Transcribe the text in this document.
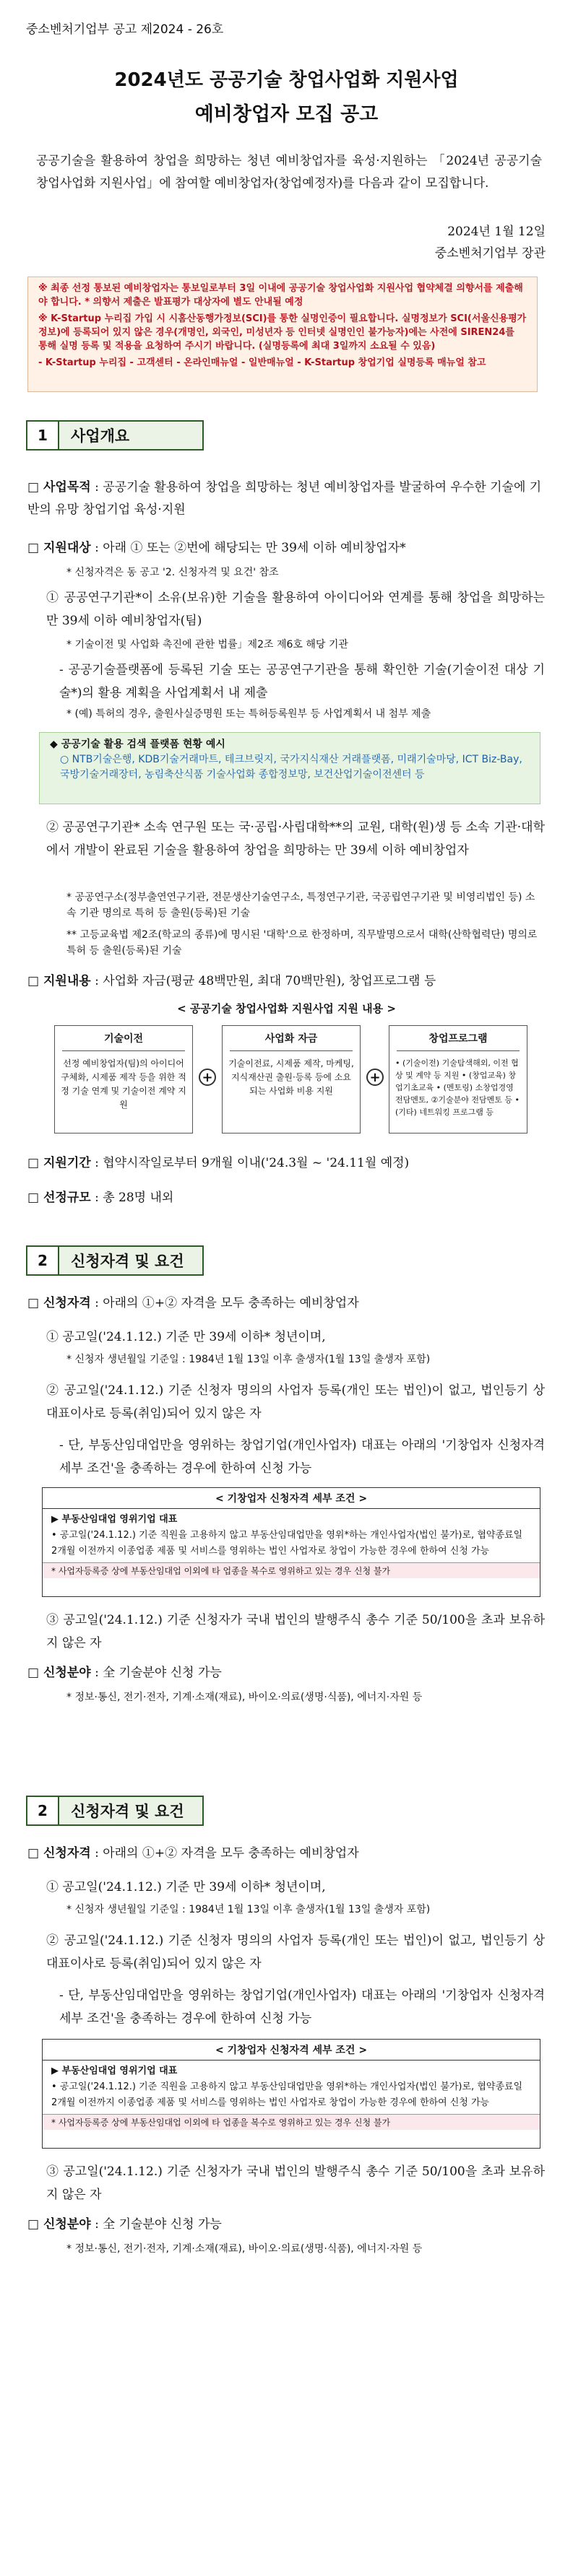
중소벤처기업부 공고 제2024 - 26호
2024년도 공공기술 창업사업화 지원사업
예비창업자 모집 공고
공공기술을 활용하여 창업을 희망하는 청년 예비창업자를 육성·지원하는 「2024년 공공기술 창업사업화 지원사업」에 참여할 예비창업자(창업예정자)를 다음과 같이 모집합니다.
2024년 1월 12일
중소벤처기업부 장관

※ 최종 선정 통보된 예비창업자는 통보일로부터 3일 이내에 공공기술 창업사업화 지원사업 협약체결 의향서를 제출해야 합니다. * 의향서 제출은 발표평가 대상자에 별도 안내될 예정

※ K-Startup 누리집 가입 시 시홈산동행가정보(SCI)를 통한 실명인증이 필요합니다. 실명정보가 SCI(서울신용평가정보)에 등록되어 있지 않은 경우(개명인, 외국인, 미성년자 등 인터넷 실명인인 불가능자)에는 사전에 SIREN24를 통해 실명 등록 및 적용을 요청하여 주시기 바랍니다. (실명등록에 최대 3일까지 소요될 수 있음)

- K-Startup 누리집 - 고객센터 - 온라인매뉴얼 - 일반매뉴얼 - K-Startup 창업기업 실명등록 매뉴얼 참고

1	사업개요
□ 사업목적 : 공공기술 활용하여 창업을 희망하는 청년 예비창업자를 발굴하여 우수한 기술에 기반의 유망 창업기업 육성·지원
□ 지원대상 : 아래 ① 또는 ②번에 해당되는 만 39세 이하 예비창업자*
* 신청자격은 동 공고 '2. 신청자격 및 요건' 참조
① 공공연구기관*이 소유(보유)한 기술을 활용하여 아이디어와 연계를 통해 창업을 희망하는 만 39세 이하 예비창업자(팀)
* 기술이전 및 사업화 촉진에 관한 법률」제2조 제6호 해당 기관
- 공공기술플랫폼에 등록된 기술 또는 공공연구기관을 통해 확인한 기술(기술이전 대상 기술*)의 활용 계획을 사업계획서 내 제출
* (예) 특허의 경우, 출원사실증명원 또는 특허등록원부 등 사업계획서 내 첨부 제출
◆ 공공기술 활용 검색 플랫폼 현황 예시
○ NTB기술은행, KDB기술거래마트, 테크브릿지, 국가지식재산 거래플랫폼, 미래기술마당, ICT Biz-Bay, 국방기술거래장터, 농림축산식품 기술사업화 종합정보망, 보건산업기술이전센터 등
② 공공연구기관* 소속 연구원 또는 국·공립·사립대학**의 교원, 대학(원)생 등 소속 기관·대학에서 개발이 완료된 기술을 활용하여 창업을 희망하는 만 39세 이하 예비창업자
* 공공연구소(정부출연연구기관, 전문생산기술연구소, 특정연구기관, 국공립연구기관 및 비영리법인 등) 소속 기관 명의로 특허 등 출원(등록)된 기술
** 고등교육법 제2조(학교의 종류)에 명시된 '대학'으로 한정하며, 직무발명으로서 대학(산학협력단) 명의로 특허 등 출원(등록)된 기술
□ 지원내용 : 사업화 자금(평균 48백만원, 최대 70백만원), 창업프로그램 등
< 공공기술 창업사업화 지원사업 지원 내용 >
기술이전
선정 예비창업자(팀)의 아이디어 구체화, 시제품 제작 등을 위한 적정 기술 연계 및 기술이전 계약 지원
+
사업화 자금
기술이전료, 시제품 제작, 마케팅, 지식재산권 출원·등록 등에 소요되는 사업화 비용 지원
+
창업프로그램
• (기술이전) 기술탐색해외, 이전 협상 및 계약 등 지원 • (창업교육) 창업기초교육 • (멘토링) 소창업경영 전담멘토, ②기술분야 전담멘토 등 • (기타) 네트워킹 프로그램 등
□ 지원기간 : 협약시작일로부터 9개월 이내('24.3월 ~ '24.11월 예정)
□ 선정규모 : 총 28명 내외
2	신청자격 및 요건
□ 신청자격 : 아래의 ①+② 자격을 모두 충족하는 예비창업자
① 공고일('24.1.12.) 기준 만 39세 이하* 청년이며,
* 신청자 생년월일 기준일 : 1984년 1월 13일 이후 출생자(1월 13일 출생자 포함)
② 공고일('24.1.12.) 기준 신청자 명의의 사업자 등록(개인 또는 법인)이 없고, 법인등기 상 대표이사로 등록(취임)되어 있지 않은 자
- 단, 부동산임대업만을 영위하는 창업기업(개인사업자) 대표는 아래의 '기창업자 신청자격 세부 조건'을 충족하는 경우에 한하여 신청 가능
< 기창업자 신청자격 세부 조건 >
▶ 부동산임대업 영위기업 대표
• 공고일('24.1.12.) 기준 직원을 고용하지 않고 부동산임대업만을 영위*하는 개인사업자(법인 불가)로, 협약종료일 2개월 이전까지 이종업종 제품 및 서비스를 영위하는 법인 사업자로 창업이 가능한 경우에 한하여 신청 가능
* 사업자등록증 상에 부동산임대업 이외에 타 업종을 복수로 영위하고 있는 경우 신청 불가
③ 공고일('24.1.12.) 기준 신청자가 국내 법인의 발행주식 총수 기준 50/100을 초과 보유하지 않은 자
□ 신청분야 : 全 기술분야 신청 가능
* 정보·통신, 전기·전자, 기계·소재(재료), 바이오·의료(생명·식품), 에너지·자원 등
2	신청자격 및 요건
□ 신청자격 : 아래의 ①+② 자격을 모두 충족하는 예비창업자
① 공고일('24.1.12.) 기준 만 39세 이하* 청년이며,
* 신청자 생년월일 기준일 : 1984년 1월 13일 이후 출생자(1월 13일 출생자 포함)
② 공고일('24.1.12.) 기준 신청자 명의의 사업자 등록(개인 또는 법인)이 없고, 법인등기 상 대표이사로 등록(취임)되어 있지 않은 자
- 단, 부동산임대업만을 영위하는 창업기업(개인사업자) 대표는 아래의 '기창업자 신청자격 세부 조건'을 충족하는 경우에 한하여 신청 가능
< 기창업자 신청자격 세부 조건 >
▶ 부동산임대업 영위기업 대표
• 공고일('24.1.12.) 기준 직원을 고용하지 않고 부동산임대업만을 영위*하는 개인사업자(법인 불가)로, 협약종료일 2개월 이전까지 이종업종 제품 및 서비스를 영위하는 법인 사업자로 창업이 가능한 경우에 한하여 신청 가능
* 사업자등록증 상에 부동산임대업 이외에 타 업종을 복수로 영위하고 있는 경우 신청 불가
③ 공고일('24.1.12.) 기준 신청자가 국내 법인의 발행주식 총수 기준 50/100을 초과 보유하지 않은 자
□ 신청분야 : 全 기술분야 신청 가능
* 정보·통신, 전기·전자, 기계·소재(재료), 바이오·의료(생명·식품), 에너지·자원 등
